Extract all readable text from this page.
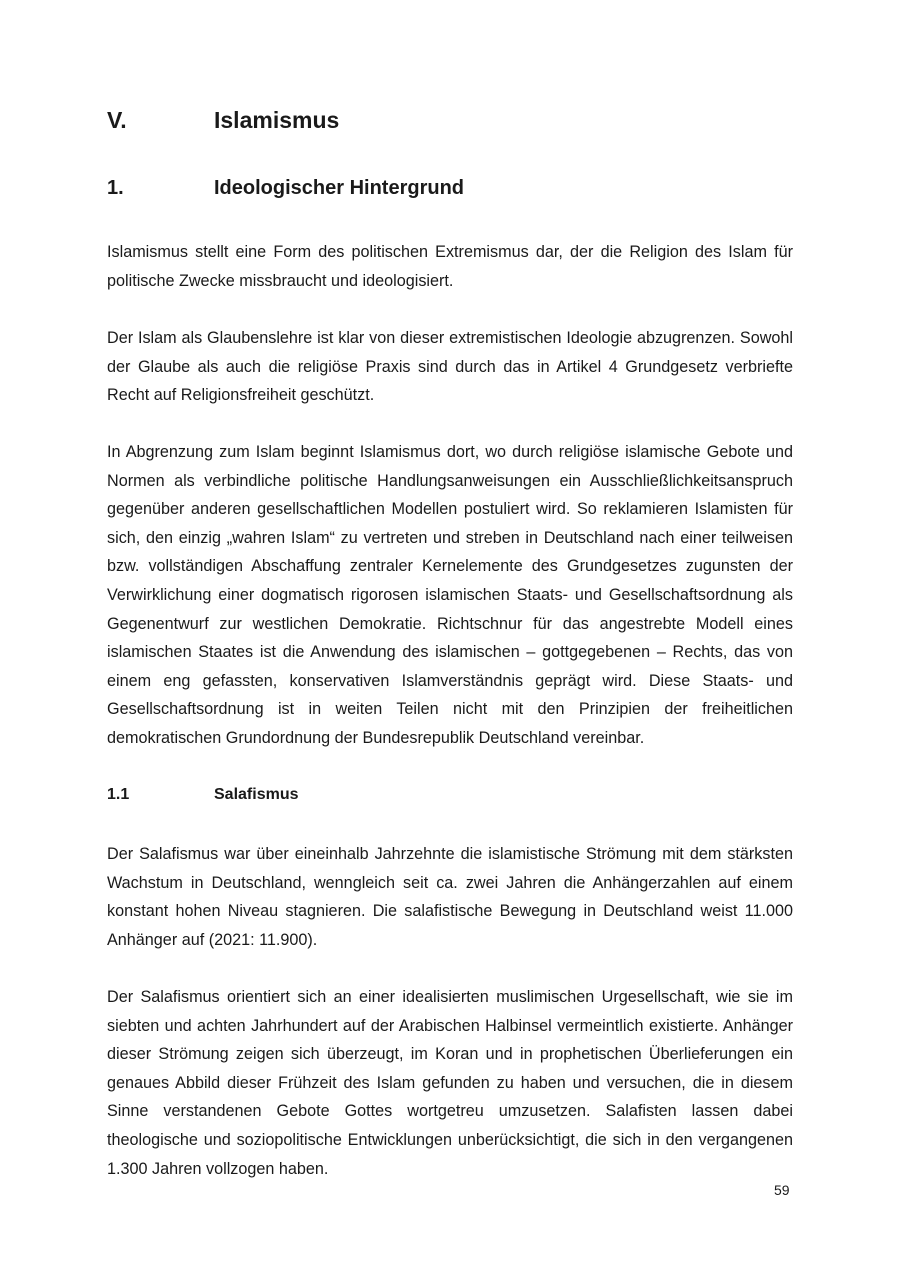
V.	Islamismus
1.	Ideologischer Hintergrund

Islamismus stellt eine Form des politischen Extremismus dar, der die Religion des Islam für politische Zwecke missbraucht und ideologisiert.

Der Islam als Glaubenslehre ist klar von dieser extremistischen Ideologie abzugrenzen. Sowohl der Glaube als auch die religiöse Praxis sind durch das in Artikel 4 Grundgesetz verbriefte Recht auf Religionsfreiheit geschützt.

In Abgrenzung zum Islam beginnt Islamismus dort, wo durch religiöse islamische Gebote und Normen als verbindliche politische Handlungsanweisungen ein Ausschließlichkeitsanspruch gegenüber anderen gesellschaftlichen Modellen postuliert wird. So reklamieren Islamisten für sich, den einzig „wahren Islam“ zu vertreten und streben in Deutschland nach einer teilweisen bzw. vollständigen Abschaffung zentraler Kernelemente des Grundgesetzes zugunsten der Verwirklichung einer dogmatisch rigorosen islamischen Staats- und Gesellschaftsordnung als Gegenentwurf zur westlichen Demokratie. Richtschnur für das angestrebte Modell eines islamischen Staates ist die Anwendung des islamischen – gottgegebenen – Rechts, das von einem eng gefassten, konservativen Islamverständnis geprägt wird. Diese Staats- und Gesellschaftsordnung ist in weiten Teilen nicht mit den Prinzipien der freiheitlichen demokratischen Grundordnung der Bundesrepublik Deutschland vereinbar.

1.1	Salafismus

Der Salafismus war über eineinhalb Jahrzehnte die islamistische Strömung mit dem stärksten Wachstum in Deutschland, wenngleich seit ca. zwei Jahren die Anhängerzahlen auf einem konstant hohen Niveau stagnieren. Die salafistische Bewegung in Deutschland weist 11.000 Anhänger auf (2021: 11.900).

Der Salafismus orientiert sich an einer idealisierten muslimischen Urgesellschaft, wie sie im siebten und achten Jahrhundert auf der Arabischen Halbinsel vermeintlich existierte. Anhänger dieser Strömung zeigen sich überzeugt, im Koran und in prophetischen Überlieferungen ein genaues Abbild dieser Frühzeit des Islam gefunden zu haben und versuchen, die in diesem Sinne verstandenen Gebote Gottes wortgetreu umzusetzen. Salafisten lassen dabei theologische und soziopolitische Entwicklungen unberücksichtigt, die sich in den vergangenen 1.300 Jahren vollzogen haben.

59
